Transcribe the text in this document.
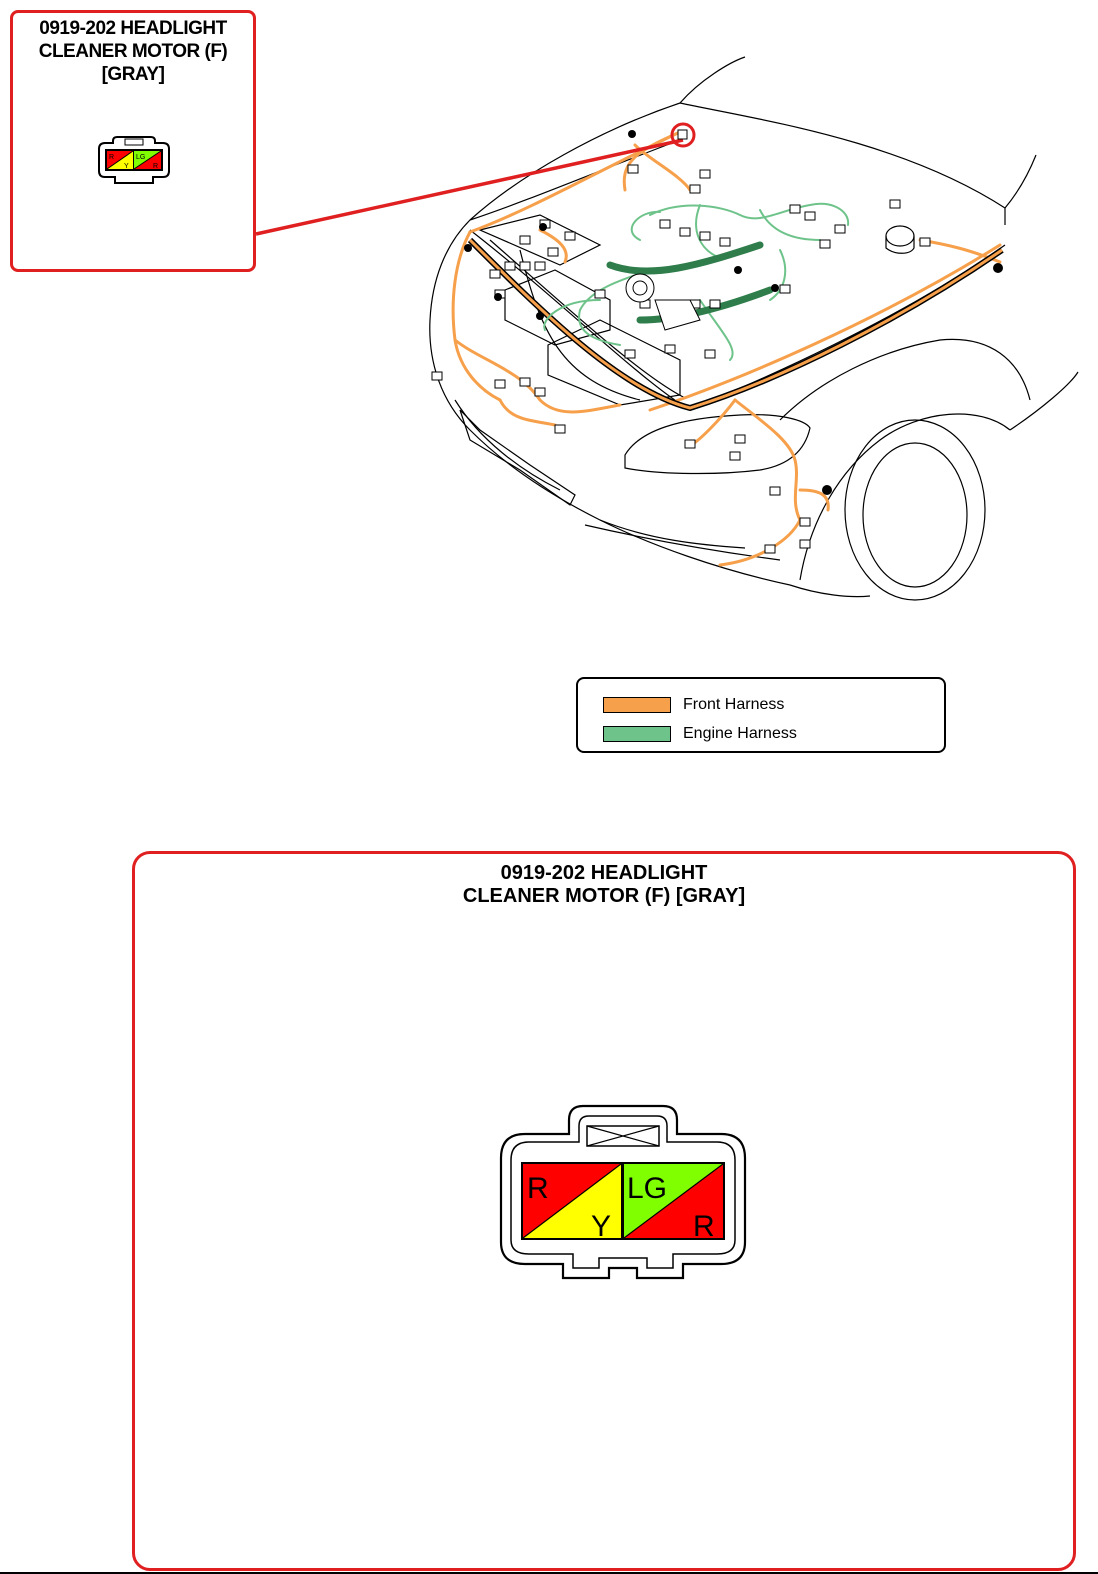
0919-202 HEADLIGHT
CLEANER MOTOR (F)
[GRAY]
R
Y
LG
R
Front Harness
Engine Harness
0919-202 HEADLIGHT
CLEANER MOTOR (F) [GRAY]
R
Y
LG
R
